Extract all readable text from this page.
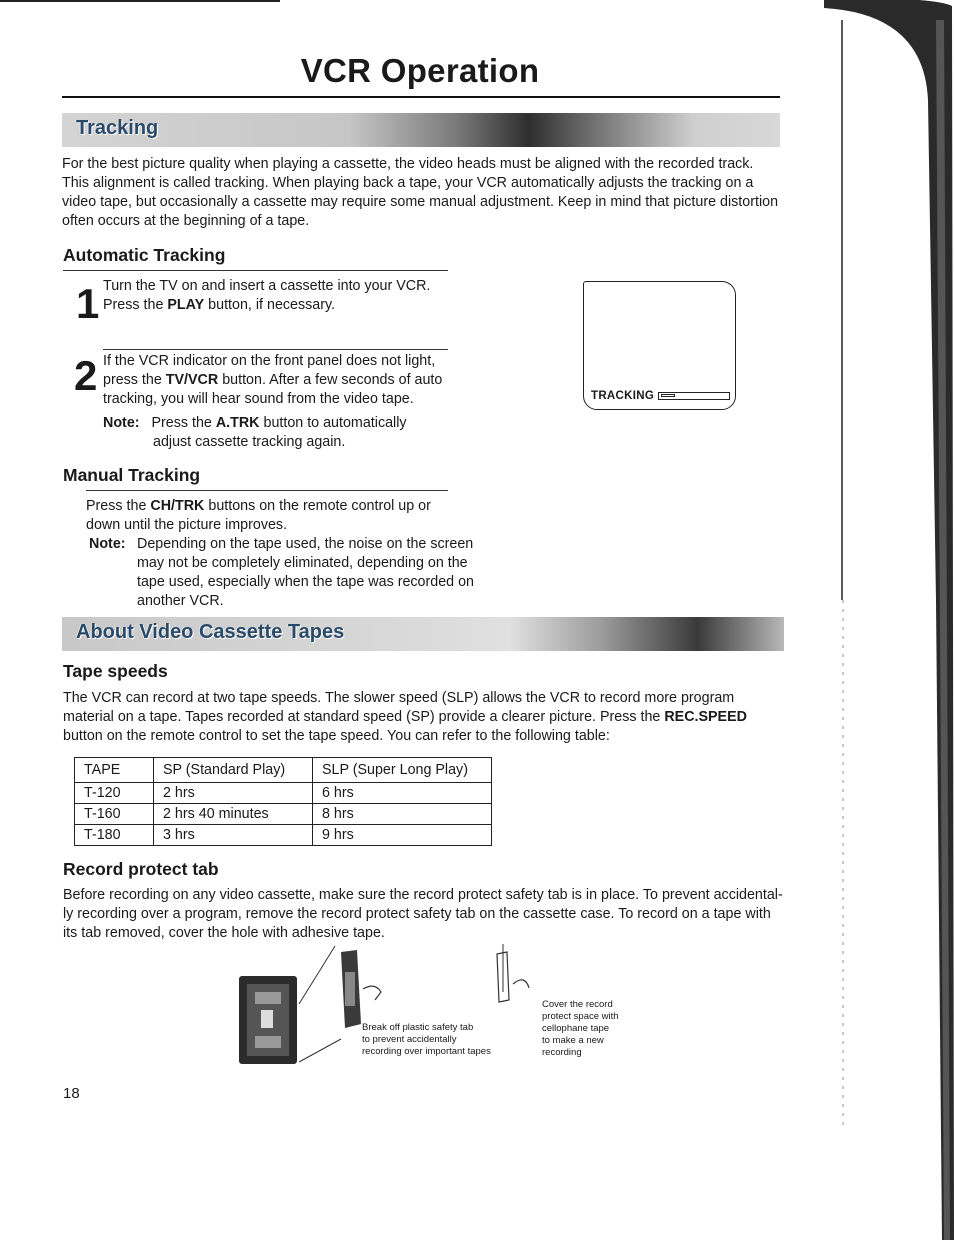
VCR Operation
Tracking
For the best picture quality when playing a cassette, the video heads must be aligned with the recorded track.
This alignment is called tracking. When playing back a tape, your VCR automatically adjusts the tracking on a
video tape, but occasionally a cassette may require some manual adjustment. Keep in mind that picture distortion
often occurs at the beginning of a tape.
Automatic Tracking
1 Turn the TV on and insert a cassette into your VCR.
Press the PLAY button, if necessary.
2 If the VCR indicator on the front panel does not light,
press the TV/VCR button. After a few seconds of auto
tracking, you will hear sound from the video tape.
Note: Press the A.TRK button to automatically
adjust cassette tracking again.
TRACKING
Manual Tracking
Press the CH/TRK buttons on the remote control up or
down until the picture improves.
Note: Depending on the tape used, the noise on the screen
may not be completely eliminated, depending on the
tape used, especially when the tape was recorded on
another VCR.
About Video Cassette Tapes
Tape speeds
The VCR can record at two tape speeds. The slower speed (SLP) allows the VCR to record more program
material on a tape. Tapes recorded at standard speed (SP) provide a clearer picture. Press the REC.SPEED
button on the remote control to set the tape speed. You can refer to the following table:
TAPE	SP (Standard Play)	SLP (Super Long Play)
T-120	2 hrs	6 hrs
T-160	2 hrs 40 minutes	8 hrs
T-180	3 hrs	9 hrs
Record protect tab
Before recording on any video cassette, make sure the record protect safety tab is in place. To prevent accidental-
ly recording over a program, remove the record protect safety tab on the cassette case. To record on a tape with
its tab removed, cover the hole with adhesive tape.
Break off plastic safety tab
to prevent accidentally
recording over important tapes
Cover the record
protect space with
cellophane tape
to make a new
recording
18
